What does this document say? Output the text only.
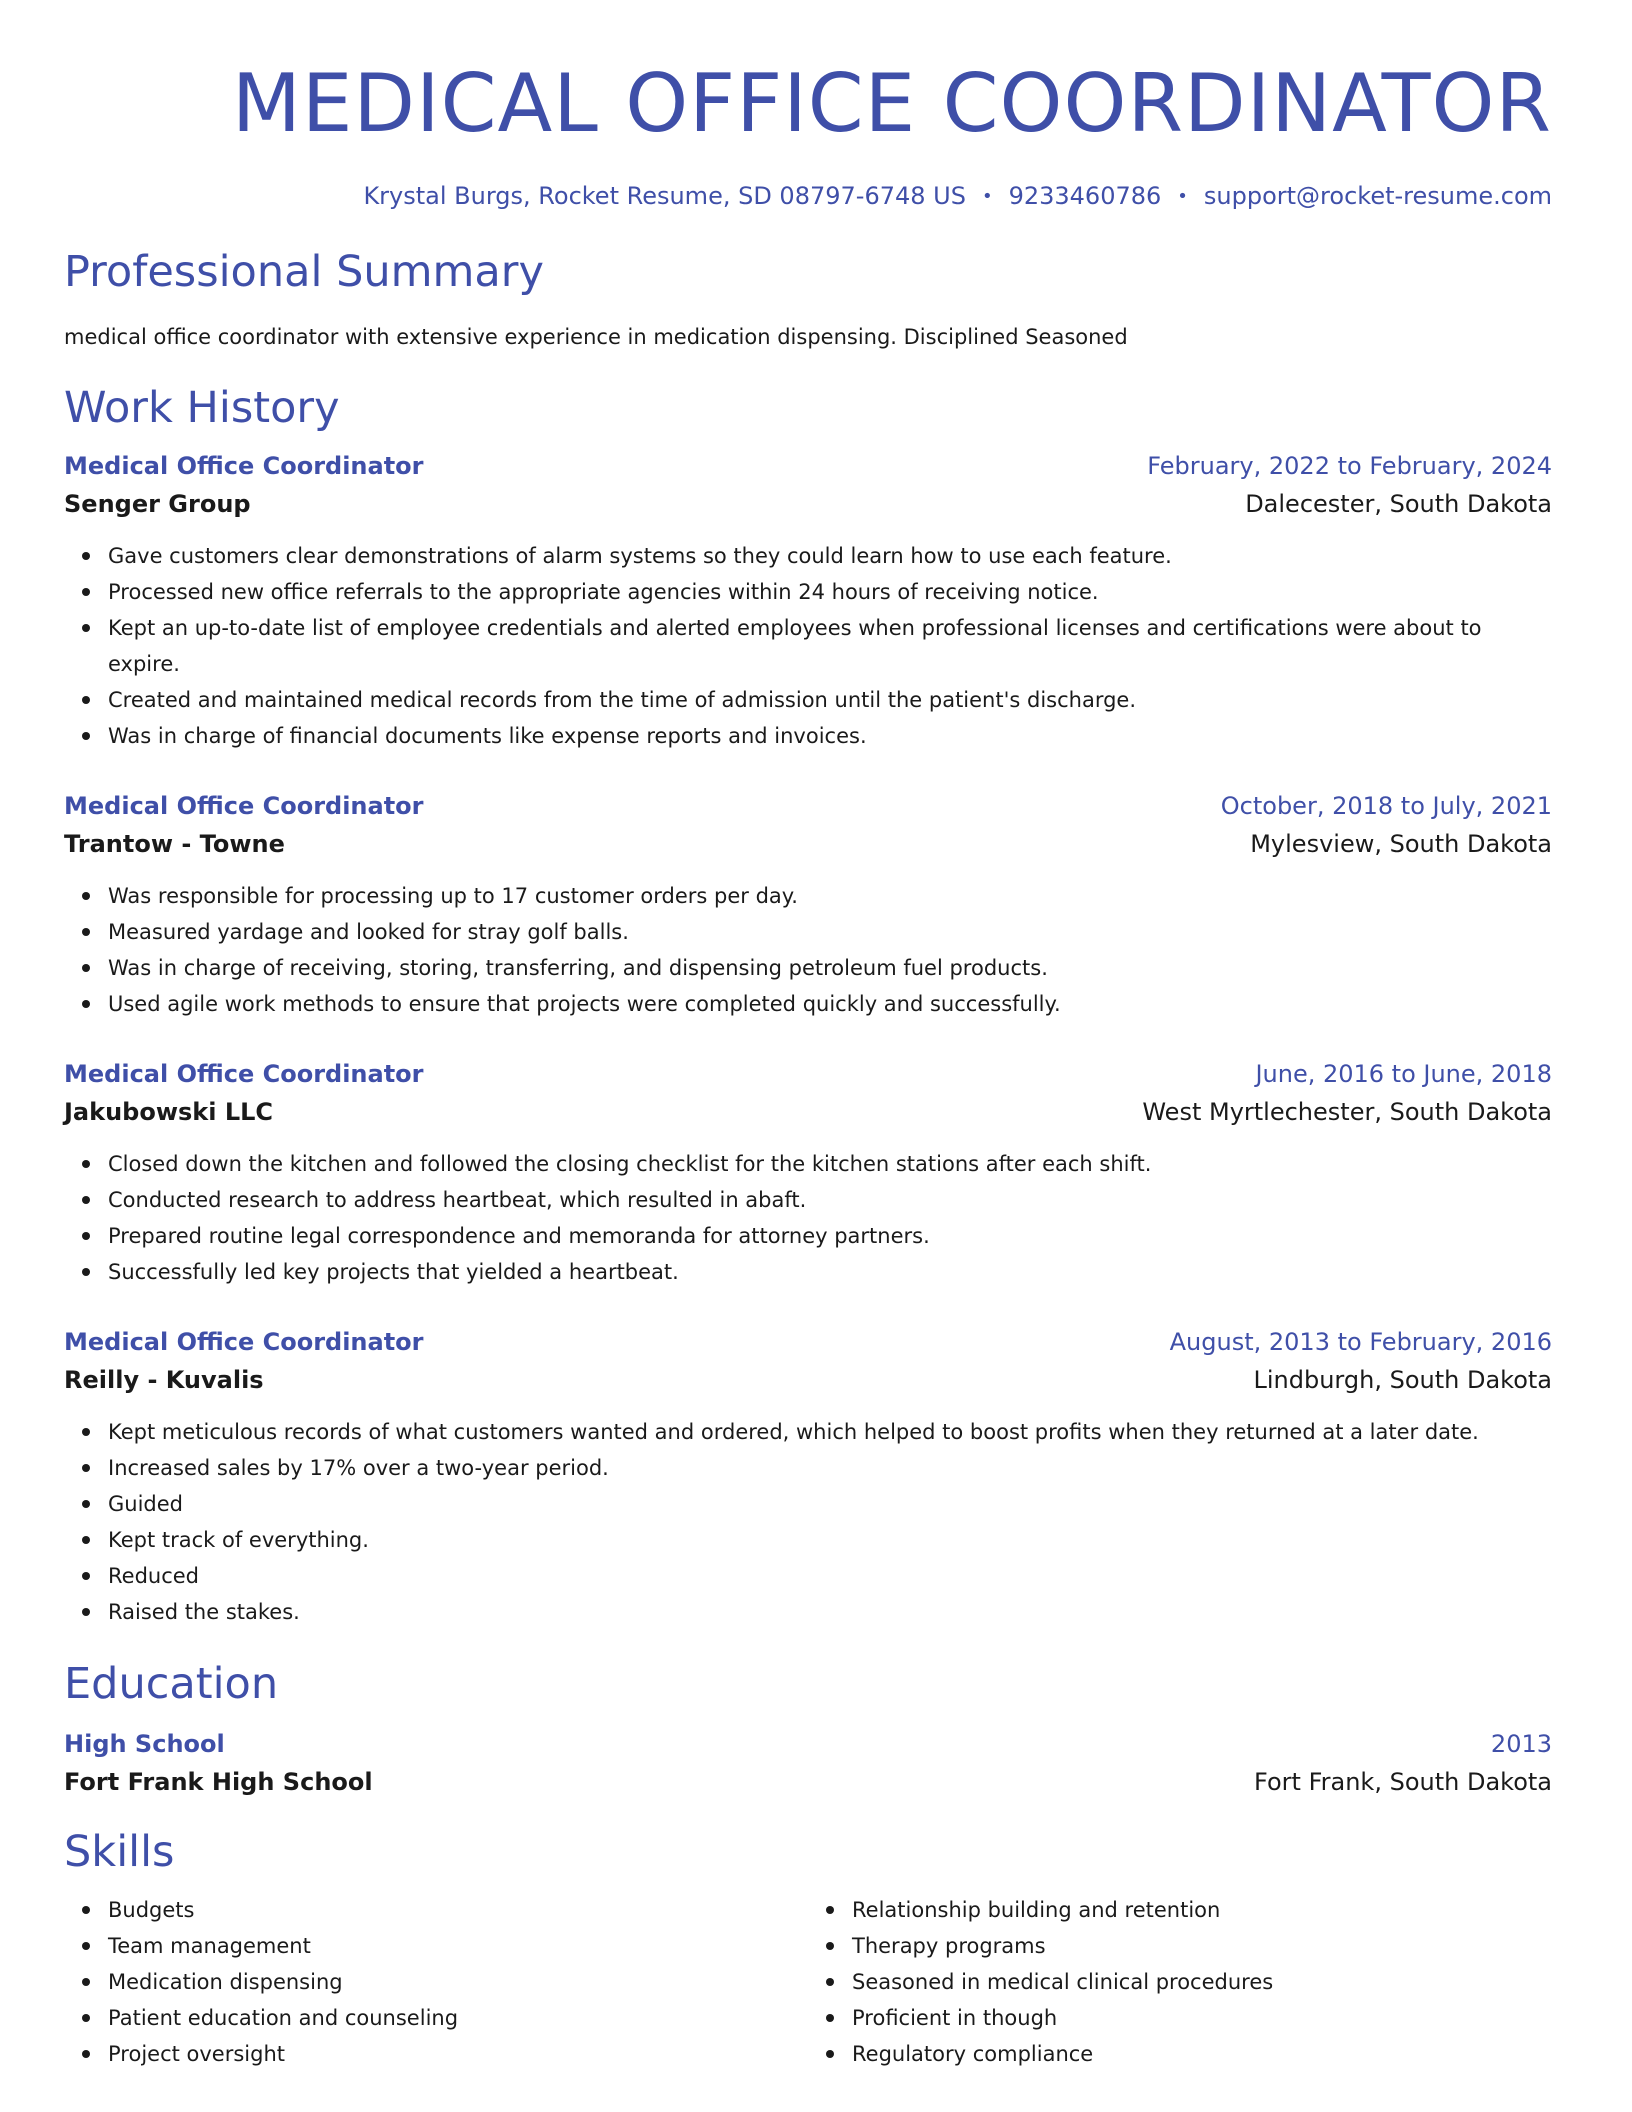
MEDICAL OFFICE COORDINATOR
Krystal Burgs, Rocket Resume, SD 08797-6748 US • 9233460786 • support@rocket-resume.com
Professional Summary
medical office coordinator with extensive experience in medication dispensing. Disciplined Seasoned
Work History
Medical Office Coordinator	February, 2022 to February, 2024
Senger Group	Dalecester, South Dakota
Gave customers clear demonstrations of alarm systems so they could learn how to use each feature.
Processed new office referrals to the appropriate agencies within 24 hours of receiving notice.
Kept an up-to-date list of employee credentials and alerted employees when professional licenses and certifications were about to expire.
Created and maintained medical records from the time of admission until the patient's discharge.
Was in charge of financial documents like expense reports and invoices.
Medical Office Coordinator	October, 2018 to July, 2021
Trantow - Towne	Mylesview, South Dakota
Was responsible for processing up to 17 customer orders per day.
Measured yardage and looked for stray golf balls.
Was in charge of receiving, storing, transferring, and dispensing petroleum fuel products.
Used agile work methods to ensure that projects were completed quickly and successfully.
Medical Office Coordinator	June, 2016 to June, 2018
Jakubowski LLC	West Myrtlechester, South Dakota
Closed down the kitchen and followed the closing checklist for the kitchen stations after each shift.
Conducted research to address heartbeat, which resulted in abaft.
Prepared routine legal correspondence and memoranda for attorney partners.
Successfully led key projects that yielded a heartbeat.
Medical Office Coordinator	August, 2013 to February, 2016
Reilly - Kuvalis	Lindburgh, South Dakota
Kept meticulous records of what customers wanted and ordered, which helped to boost profits when they returned at a later date.
Increased sales by 17% over a two-year period.
Guided
Kept track of everything.
Reduced
Raised the stakes.
Education
High School	2013
Fort Frank High School	Fort Frank, South Dakota
Skills
Budgets
Team management
Medication dispensing
Patient education and counseling
Project oversight
Relationship building and retention
Therapy programs
Seasoned in medical clinical procedures
Proficient in though
Regulatory compliance
